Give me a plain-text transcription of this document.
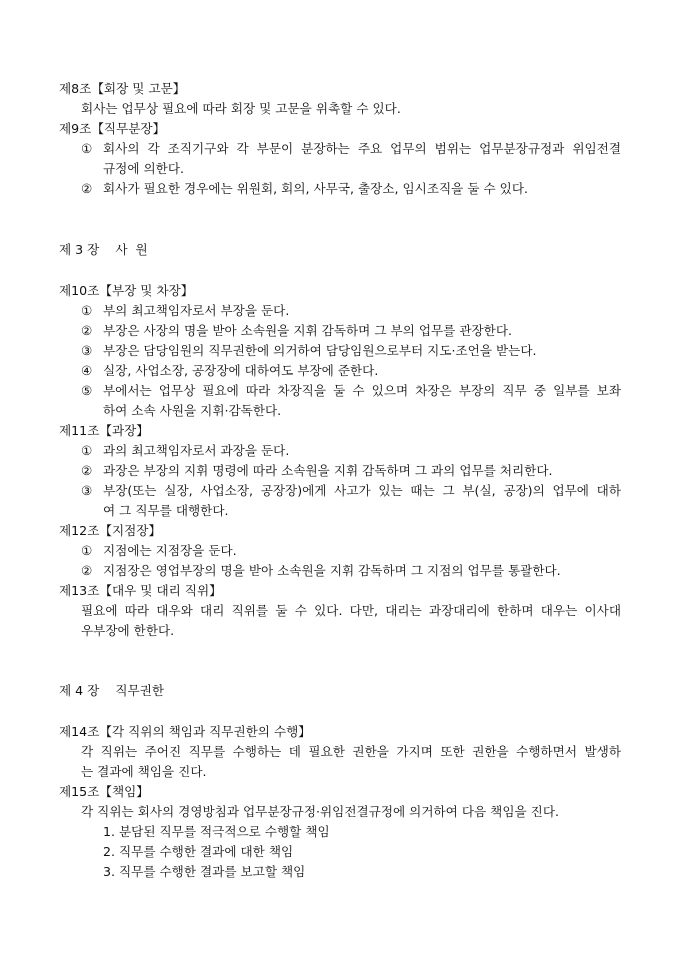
제8조【회장 및 고문】
회사는 업무상 필요에 따라 회장 및 고문을 위촉할 수 있다.
제9조【직무분장】
① 회사의 각 조직기구와 각 부문이 분장하는 주요 업무의 범위는 업무분장규정과 위임전결
규정에 의한다.
② 회사가 필요한 경우에는 위원회, 회의, 사무국, 출장소, 임시조직을 둘 수 있다.
제 3 장    사  원
제10조【부장 및 차장】
① 부의 최고책임자로서 부장을 둔다.
② 부장은 사장의 명을 받아 소속원을 지휘 감독하며 그 부의 업무를 관장한다.
③ 부장은 담당임원의 직무권한에 의거하여 담당임원으로부터 지도·조언을 받는다.
④ 실장, 사업소장, 공장장에 대하여도 부장에 준한다.
⑤ 부에서는 업무상 필요에 따라 차장직을 둘 수 있으며 차장은 부장의 직무 중 일부를 보좌
하여 소속 사원을 지휘·감독한다.
제11조【과장】
① 과의 최고책임자로서 과장을 둔다.
② 과장은 부장의 지휘 명령에 따라 소속원을 지휘 감독하며 그 과의 업무를 처리한다.
③ 부장(또는 실장, 사업소장, 공장장)에게 사고가 있는 때는 그 부(실, 공장)의 업무에 대하
여 그 직무를 대행한다.
제12조【지점장】
① 지점에는 지점장을 둔다.
② 지점장은 영업부장의 명을 받아 소속원을 지휘 감독하며 그 지점의 업무를 통괄한다.
제13조【대우 및 대리 직위】
필요에 따라 대우와 대리 직위를 둘 수 있다. 다만, 대리는 과장대리에 한하며 대우는 이사대
우부장에 한한다.
제 4 장    직무권한
제14조【각 직위의 책임과 직무권한의 수행】
각 직위는 주어진 직무를 수행하는 데 필요한 권한을 가지며 또한 권한을 수행하면서 발생하
는 결과에 책임을 진다.
제15조【책임】
각 직위는 회사의 경영방침과 업무분장규정·위임전결규정에 의거하여 다음 책임을 진다.
1. 분담된 직무를 적극적으로 수행할 책임
2. 직무를 수행한 결과에 대한 책임
3. 직무를 수행한 결과를 보고할 책임
